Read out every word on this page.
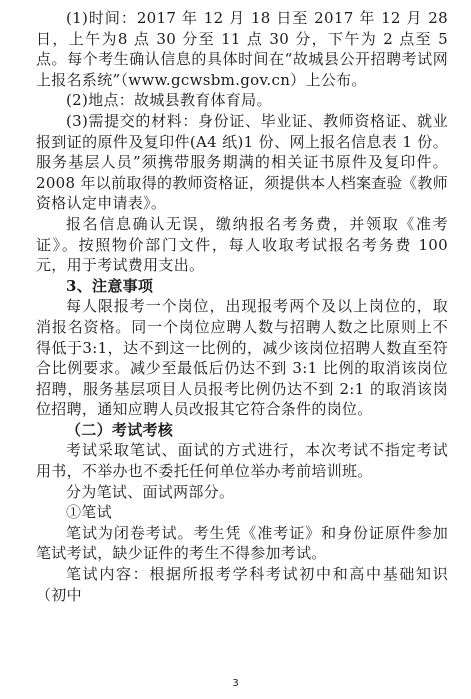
(1)时间：2017 年 12 月 18 日至 2017 年 12 月 28 日，上午为8 点 30 分至 11 点 30 分，下午为 2 点至 5 点。每个考生确认信息的具体时间在“故城县公开招聘考试网上报名系统”（www.gcwsbm.gov.cn）上公布。

(2)地点：故城县教育体育局。

(3)需提交的材料：身份证、毕业证、教师资格证、就业报到证的原件及复印件(A4 纸)1 份、网上报名信息表 1 份。服务基层人员”须携带服务期满的相关证书原件及复印件。2008 年以前取得的教师资格证，须提供本人档案查验《教师资格认定申请表》。

报名信息确认无误，缴纳报名考务费，并领取《准考证》。按照物价部门文件，每人收取考试报名考务费 100 元，用于考试费用支出。

3、注意事项

每人限报考一个岗位，出现报考两个及以上岗位的，取消报名资格。同一个岗位应聘人数与招聘人数之比原则上不得低于3:1，达不到这一比例的，减少该岗位招聘人数直至符合比例要求。减少至最低后仍达不到 3:1 比例的取消该岗位招聘，服务基层项目人员报考比例仍达不到 2:1 的取消该岗位招聘，通知应聘人员改报其它符合条件的岗位。

（二）考试考核

考试采取笔试、面试的方式进行，本次考试不指定考试用书，不举办也不委托任何单位举办考前培训班。

分为笔试、面试两部分。

①笔试

笔试为闭卷考试。考生凭《准考证》和身份证原件参加笔试考试，缺少证件的考生不得参加考试。

笔试内容：根据所报考学科考试初中和高中基础知识（初中

3
